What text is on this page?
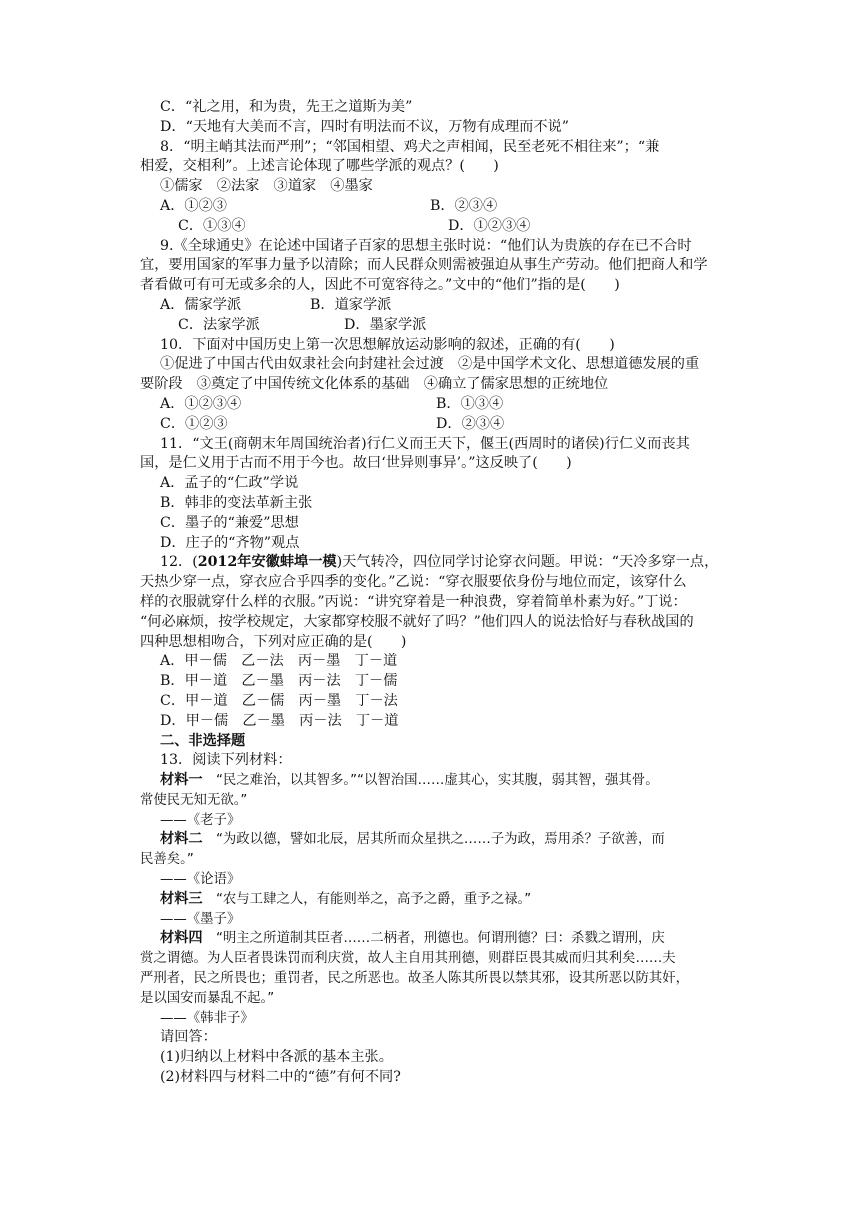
C．“礼之用，和为贵，先王之道斯为美”
D．“天地有大美而不言，四时有明法而不议，万物有成理而不说”
8．“明主峭其法而严刑”；“邻国相望、鸡犬之声相闻，民至老死不相往来”；“兼
相爱，交相利”。上述言论体现了哪些学派的观点？(　　)
①儒家　②法家　③道家　④墨家
A．①②③	B．②③④
C．①③④	D．①②③④
9.《全球通史》在论述中国诸子百家的思想主张时说：“他们认为贵族的存在已不合时
宜，要用国家的军事力量予以清除；而人民群众则需被强迫从事生产劳动。他们把商人和学
者看做可有可无或多余的人，因此不可宽容待之。”文中的“他们”指的是(　　)
A．儒家学派	B．道家学派
C．法家学派	D．墨家学派
10．下面对中国历史上第一次思想解放运动影响的叙述，正确的有(　　)
①促进了中国古代由奴隶社会向封建社会过渡　②是中国学术文化、思想道德发展的重
要阶段　③奠定了中国传统文化体系的基础　④确立了儒家思想的正统地位
A．①②③④	B．①③④
C．①②③	D．②③④
11．“文王(商朝末年周国统治者)行仁义而王天下，偃王(西周时的诸侯)行仁义而丧其
国，是仁义用于古而不用于今也。故曰‘世异则事异’。”这反映了(　　)
A．孟子的“仁政”学说
B．韩非的变法革新主张
C．墨子的“兼爱”思想
D．庄子的“齐物”观点
12．(2012年安徽蚌埠一模)天气转冷，四位同学讨论穿衣问题。甲说：“天冷多穿一点，
天热少穿一点，穿衣应合乎四季的变化。”乙说：“穿衣服要依身份与地位而定，该穿什么
样的衣服就穿什么样的衣服。”丙说：“讲究穿着是一种浪费，穿着简单朴素为好。”丁说：
“何必麻烦，按学校规定，大家都穿校服不就好了吗？”他们四人的说法恰好与春秋战国的
四种思想相吻合，下列对应正确的是(　　)
A．甲－儒　乙－法　丙－墨　丁－道
B．甲－道　乙－墨　丙－法　丁－儒
C．甲－道　乙－儒　丙－墨　丁－法
D．甲－儒　乙－墨　丙－法　丁－道
二、非选择题
13．阅读下列材料：
材料一　“民之难治，以其智多。”“以智治国……虚其心，实其腹，弱其智，强其骨。
常使民无知无欲。”
——《老子》
材料二　“为政以德，譬如北辰，居其所而众星拱之……子为政，焉用杀？子欲善，而
民善矣。”
——《论语》
材料三　“农与工肆之人，有能则举之，高予之爵，重予之禄。”
——《墨子》
材料四　“明主之所道制其臣者……二柄者，刑德也。何谓刑德？曰：杀戮之谓刑，庆
赏之谓德。为人臣者畏诛罚而利庆赏，故人主自用其刑德，则群臣畏其威而归其利矣……夫
严刑者，民之所畏也；重罚者，民之所恶也。故圣人陈其所畏以禁其邪，设其所恶以防其奸，
是以国安而暴乱不起。”
——《韩非子》
请回答：
(1)归纳以上材料中各派的基本主张。
(2)材料四与材料二中的“德”有何不同?
